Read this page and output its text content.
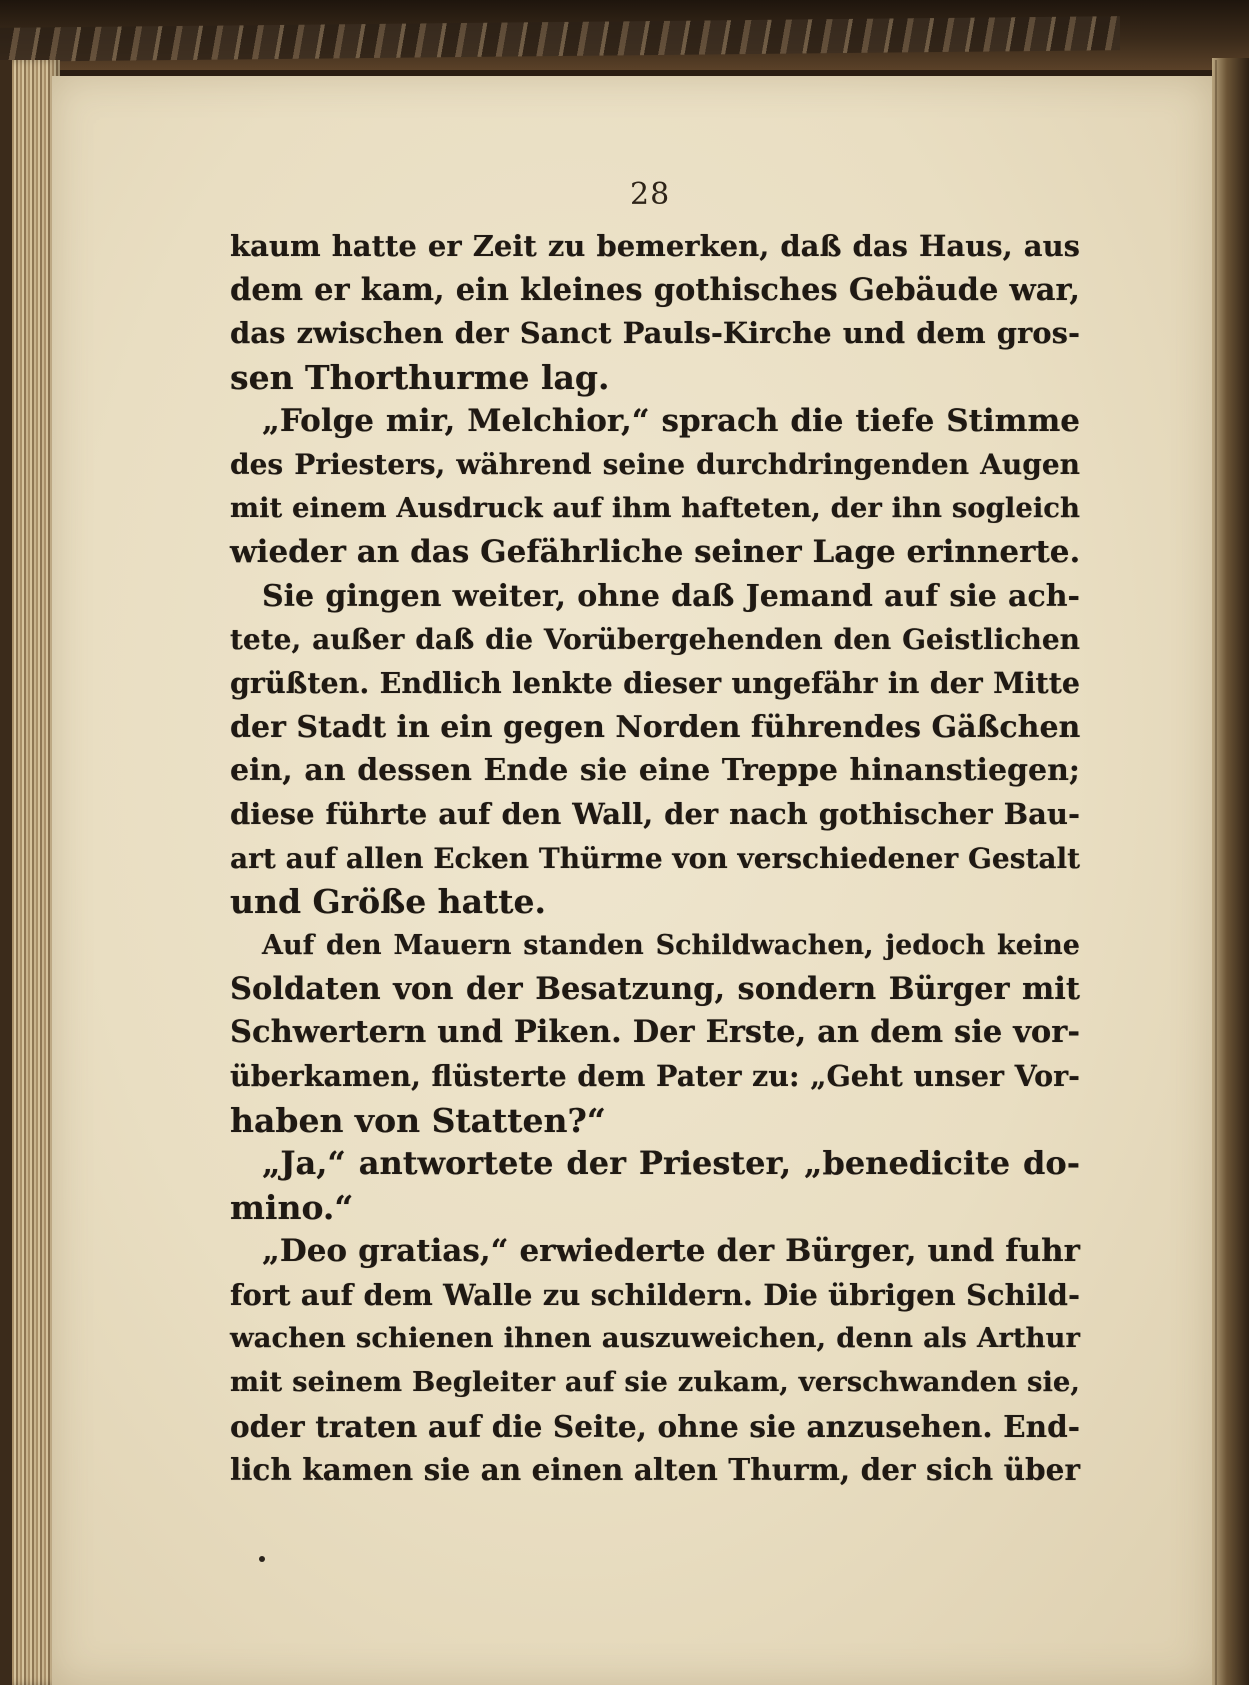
28
kaum hatte er Zeit zu bemerken, daß das Haus, aus
dem er kam, ein kleines gothisches Gebäude war,
das zwischen der Sanct Pauls-Kirche und dem gros-
sen Thorthurme lag.
„Folge mir, Melchior,“ sprach die tiefe Stimme
des Priesters, während seine durchdringenden Augen
mit einem Ausdruck auf ihm hafteten, der ihn sogleich
wieder an das Gefährliche seiner Lage erinnerte.
Sie gingen weiter, ohne daß Jemand auf sie ach-
tete, außer daß die Vorübergehenden den Geistlichen
grüßten. Endlich lenkte dieser ungefähr in der Mitte
der Stadt in ein gegen Norden führendes Gäßchen
ein, an dessen Ende sie eine Treppe hinanstiegen;
diese führte auf den Wall, der nach gothischer Bau-
art auf allen Ecken Thürme von verschiedener Gestalt
und Größe hatte.
Auf den Mauern standen Schildwachen, jedoch keine
Soldaten von der Besatzung, sondern Bürger mit
Schwertern und Piken. Der Erste, an dem sie vor-
überkamen, flüsterte dem Pater zu: „Geht unser Vor-
haben von Statten?“
„Ja,“ antwortete der Priester, „benedicite do-
mino.“
„Deo gratias,“ erwiederte der Bürger, und fuhr
fort auf dem Walle zu schildern. Die übrigen Schild-
wachen schienen ihnen auszuweichen, denn als Arthur
mit seinem Begleiter auf sie zukam, verschwanden sie,
oder traten auf die Seite, ohne sie anzusehen. End-
lich kamen sie an einen alten Thurm, der sich über
